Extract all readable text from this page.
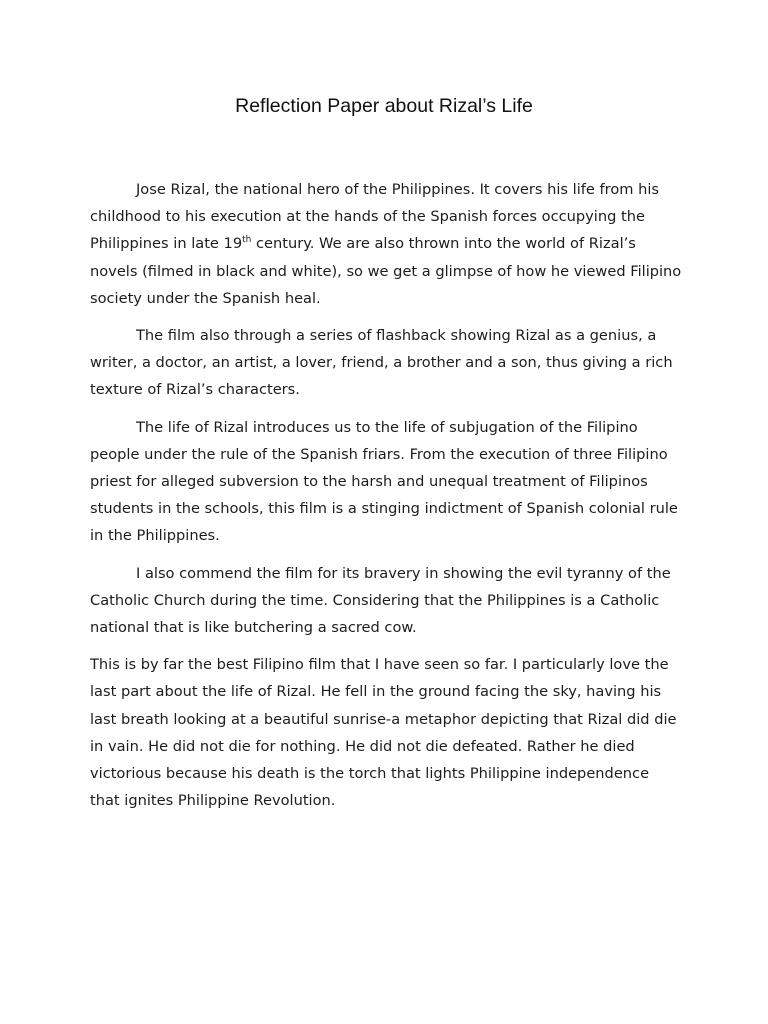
Reflection Paper about Rizal’s Life

Jose Rizal, the national hero of the Philippines. It covers his life from his childhood to his execution at the hands of the Spanish forces occupying the Philippines in late 19th century. We are also thrown into the world of Rizal’s novels (filmed in black and white), so we get a glimpse of how he viewed Filipino society under the Spanish heal.

The film also through a series of flashback showing Rizal as a genius, a writer, a doctor, an artist, a lover, friend, a brother and a son, thus giving a rich texture of Rizal’s characters.

The life of Rizal introduces us to the life of subjugation of the Filipino people under the rule of the Spanish friars. From the execution of three Filipino priest for alleged subversion to the harsh and unequal treatment of Filipinos students in the schools, this film is a stinging indictment of Spanish colonial rule in the Philippines.

I also commend the film for its bravery in showing the evil tyranny of the Catholic Church during the time. Considering that the Philippines is a Catholic national that is like butchering a sacred cow.

This is by far the best Filipino film that I have seen so far. I particularly love the last part about the life of Rizal. He fell in the ground facing the sky, having his last breath looking at a beautiful sunrise-a metaphor depicting that Rizal did die in vain. He did not die for nothing. He did not die defeated. Rather he died victorious because his death is the torch that lights Philippine independence that ignites Philippine Revolution.
